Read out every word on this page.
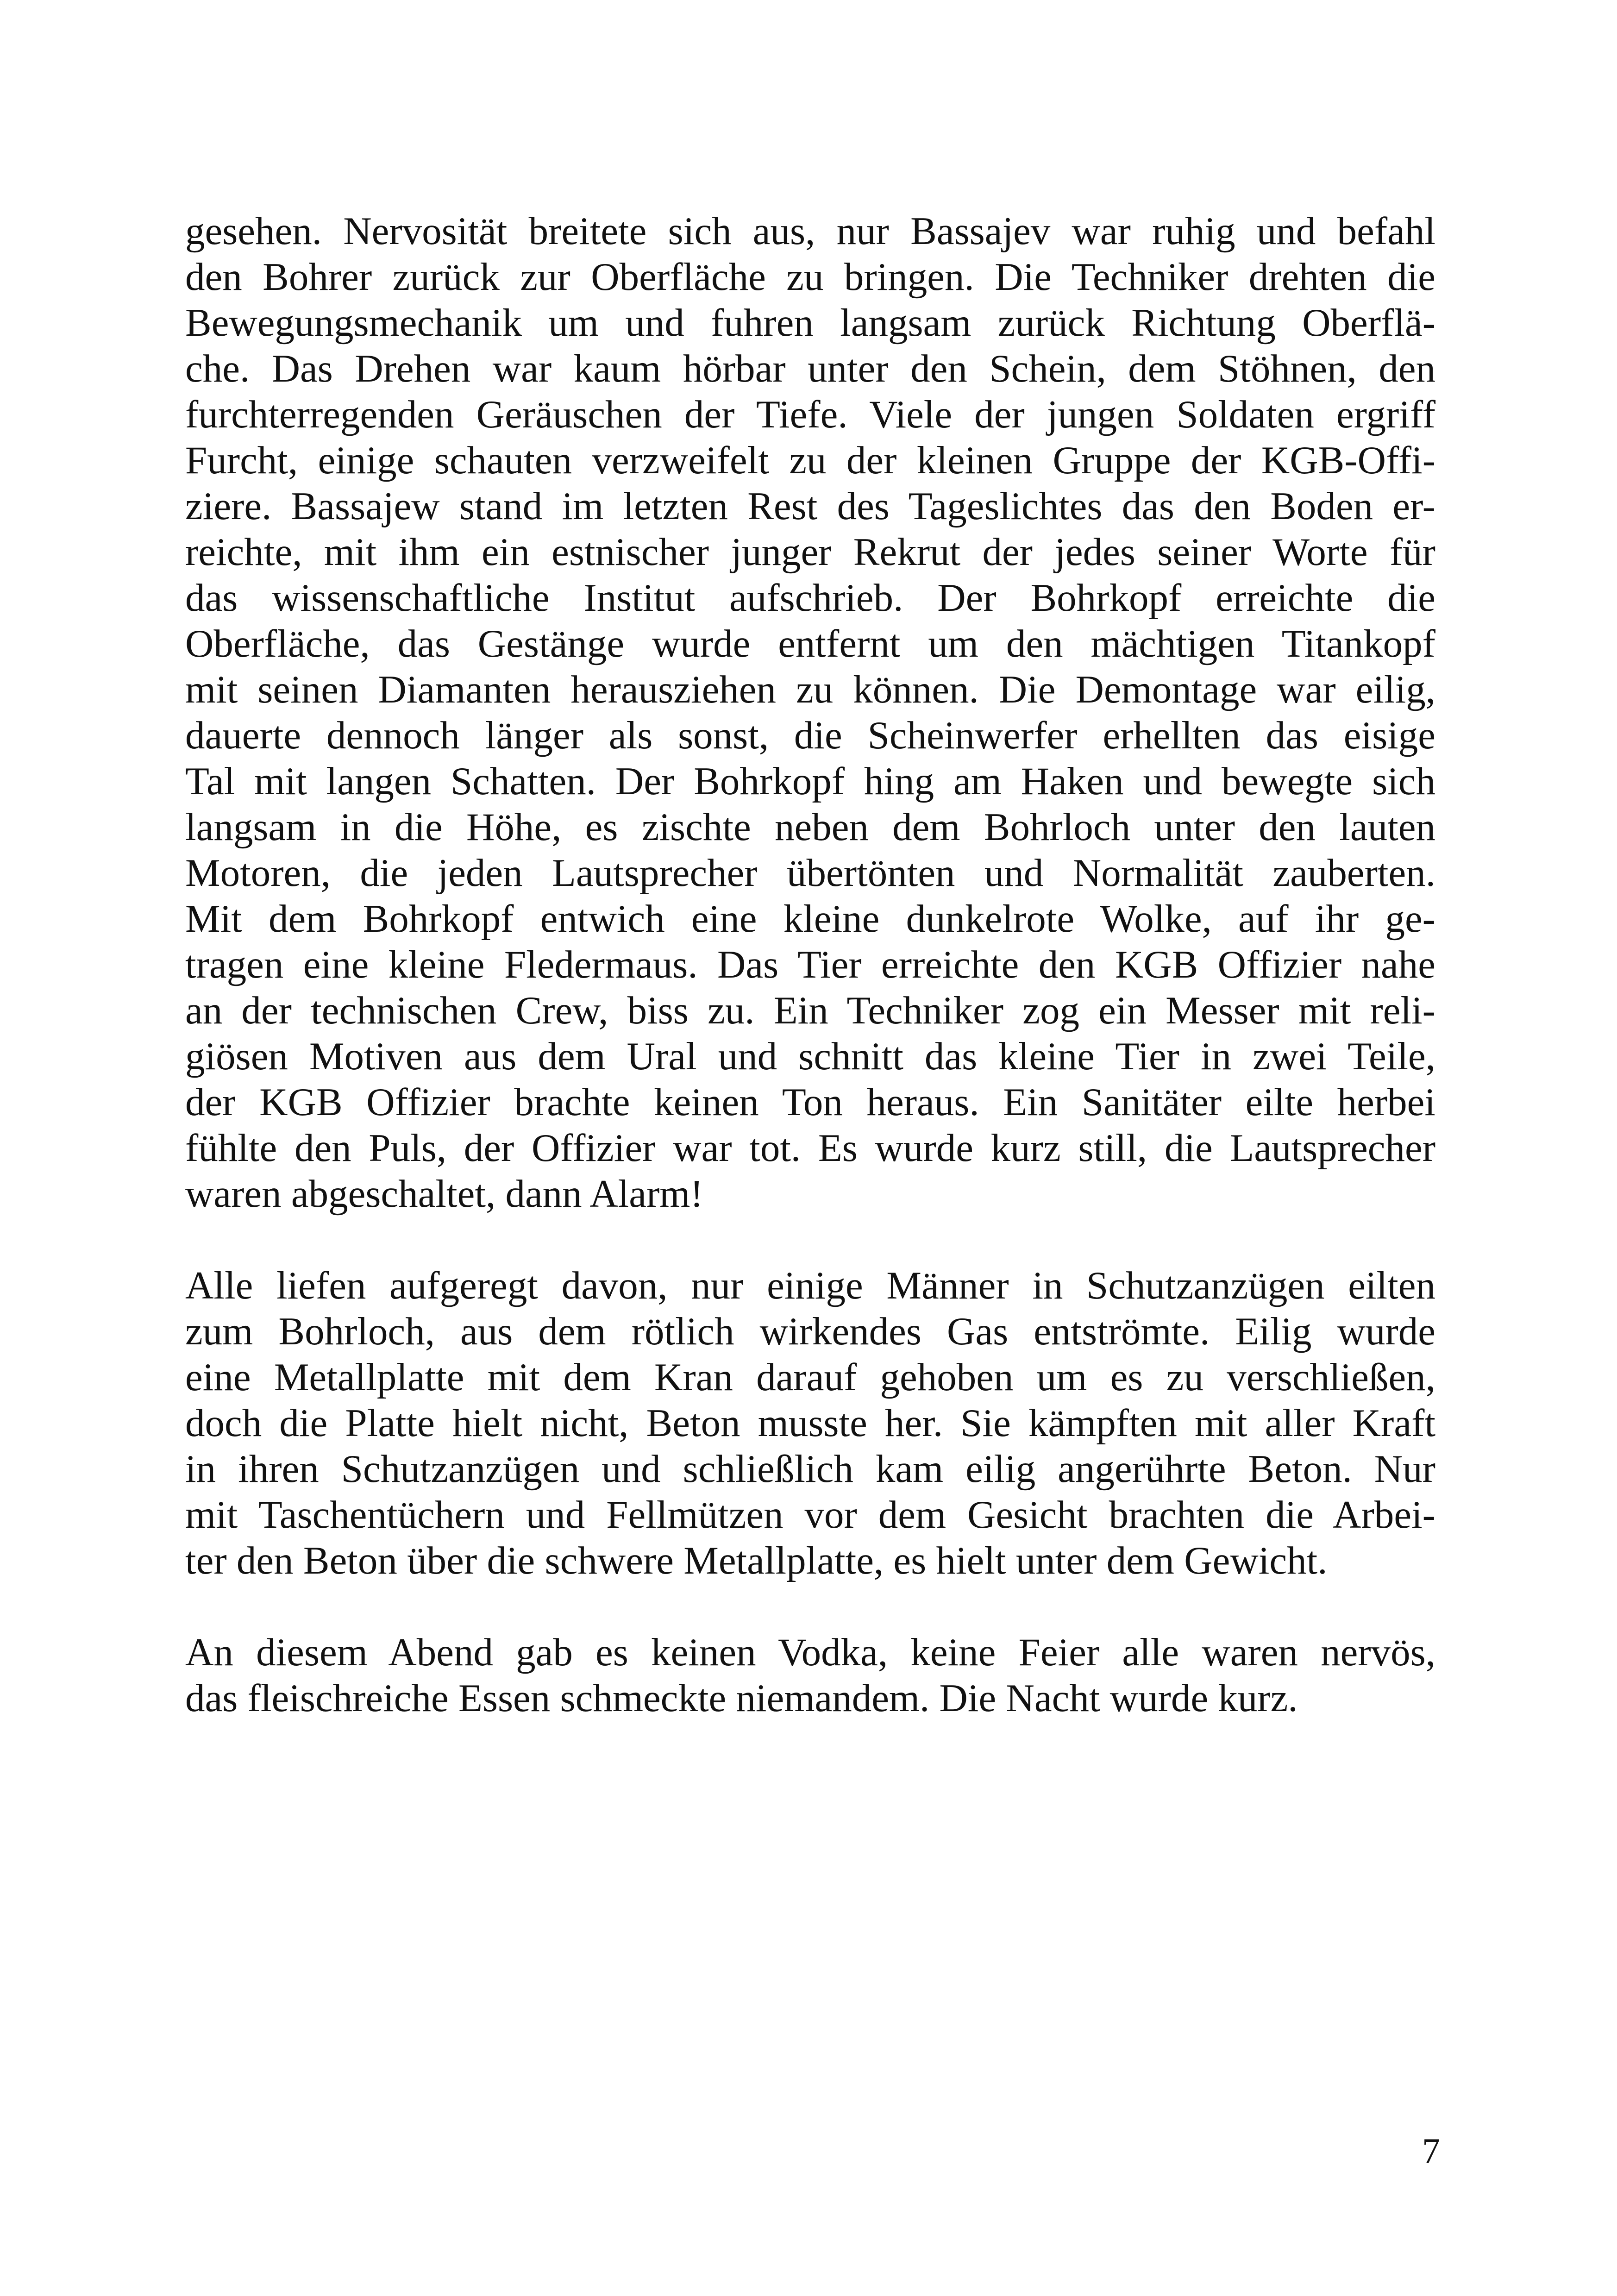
gesehen. Nervosität breitete sich aus, nur Bassajev war ruhig und befahl
den Bohrer zurück zur Oberfläche zu bringen. Die Techniker drehten die
Bewegungsmechanik um und fuhren langsam zurück Richtung Oberflä-
che. Das Drehen war kaum hörbar unter den Schein, dem Stöhnen, den
furchterregenden Geräuschen der Tiefe. Viele der jungen Soldaten ergriff
Furcht, einige schauten verzweifelt zu der kleinen Gruppe der KGB-Offi-
ziere. Bassajew stand im letzten Rest des Tageslichtes das den Boden er-
reichte, mit ihm ein estnischer junger Rekrut der jedes seiner Worte für
das wissenschaftliche Institut aufschrieb. Der Bohrkopf erreichte die
Oberfläche, das Gestänge wurde entfernt um den mächtigen Titankopf
mit seinen Diamanten herausziehen zu können. Die Demontage war eilig,
dauerte dennoch länger als sonst, die Scheinwerfer erhellten das eisige
Tal mit langen Schatten. Der Bohrkopf hing am Haken und bewegte sich
langsam in die Höhe, es zischte neben dem Bohrloch unter den lauten
Motoren, die jeden Lautsprecher übertönten und Normalität zauberten.
Mit dem Bohrkopf entwich eine kleine dunkelrote Wolke, auf ihr ge-
tragen eine kleine Fledermaus. Das Tier erreichte den KGB Offizier nahe
an der technischen Crew, biss zu. Ein Techniker zog ein Messer mit reli-
giösen Motiven aus dem Ural und schnitt das kleine Tier in zwei Teile,
der KGB Offizier brachte keinen Ton heraus. Ein Sanitäter eilte herbei
fühlte den Puls, der Offizier war tot. Es wurde kurz still, die Lautsprecher
waren abgeschaltet, dann Alarm!
Alle liefen aufgeregt davon, nur einige Männer in Schutzanzügen eilten
zum Bohrloch, aus dem rötlich wirkendes Gas entströmte. Eilig wurde
eine Metallplatte mit dem Kran darauf gehoben um es zu verschließen,
doch die Platte hielt nicht, Beton musste her. Sie kämpften mit aller Kraft
in ihren Schutzanzügen und schließlich kam eilig angerührte Beton. Nur
mit Taschentüchern und Fellmützen vor dem Gesicht brachten die Arbei-
ter den Beton über die schwere Metallplatte, es hielt unter dem Gewicht.
An diesem Abend gab es keinen Vodka, keine Feier alle waren nervös,
das fleischreiche Essen schmeckte niemandem. Die Nacht wurde kurz.
7
